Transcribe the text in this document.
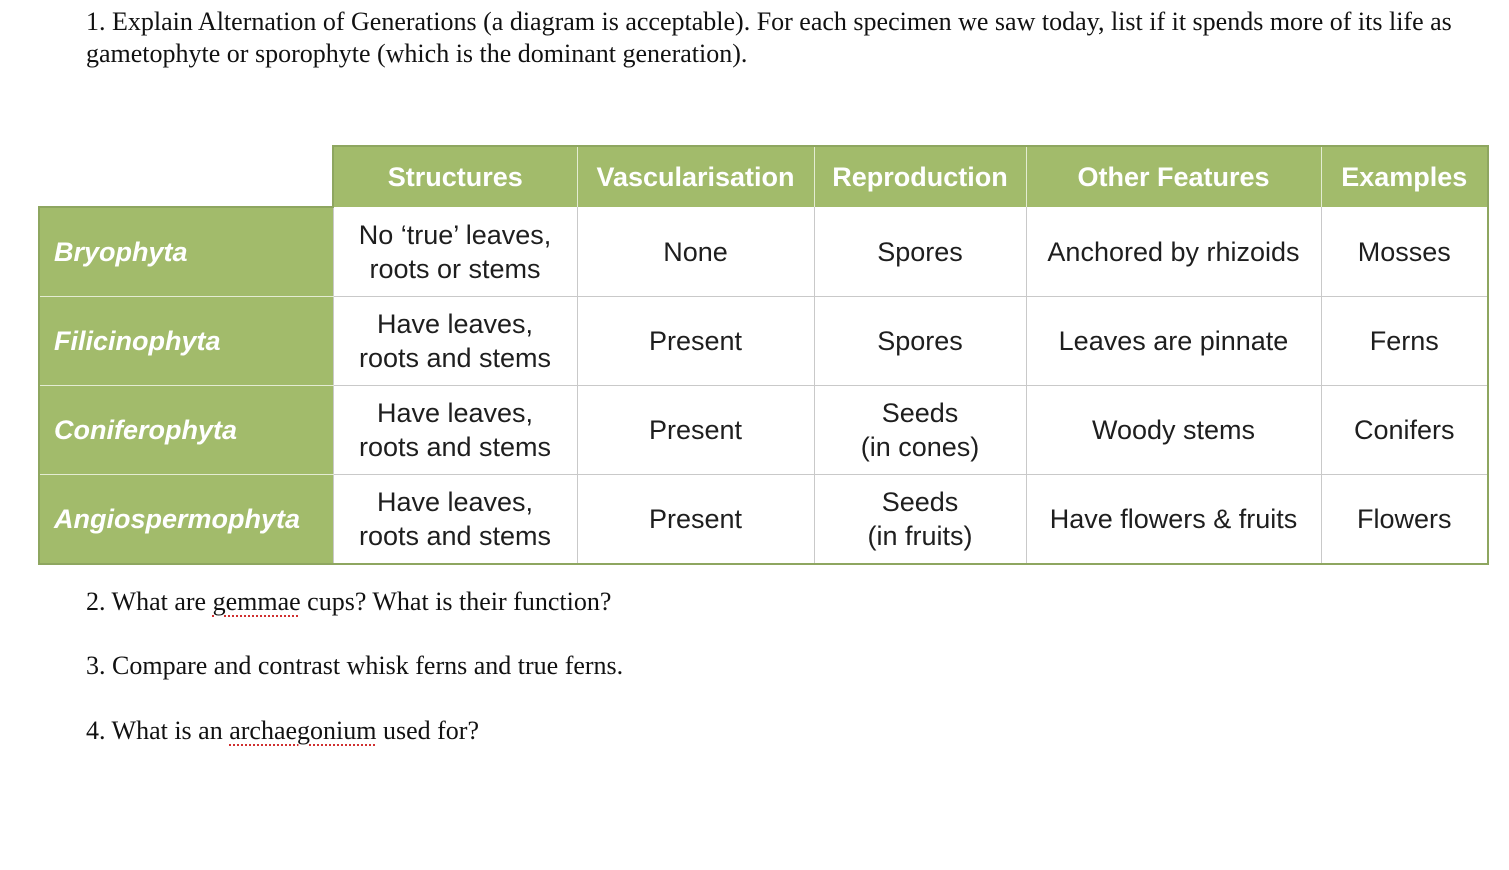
1. Explain Alternation of Generations (a diagram is acceptable). For each specimen we saw today, list if it spends more of its life as gametophyte or sporophyte (which is the dominant generation).

	Structures	Vascularisation	Reproduction	Other Features	Examples
Bryophyta	No ‘true’ leaves,
roots or stems	None	Spores	Anchored by rhizoids	Mosses
Filicinophyta	Have leaves,
roots and stems	Present	Spores	Leaves are pinnate	Ferns
Coniferophyta	Have leaves,
roots and stems	Present	Seeds
(in cones)	Woody stems	Conifers
Angiospermophyta	Have leaves,
roots and stems	Present	Seeds
(in fruits)	Have flowers & fruits	Flowers

2. What are gemmae cups? What is their function?

3. Compare and contrast whisk ferns and true ferns.

4. What is an archaegonium used for?
